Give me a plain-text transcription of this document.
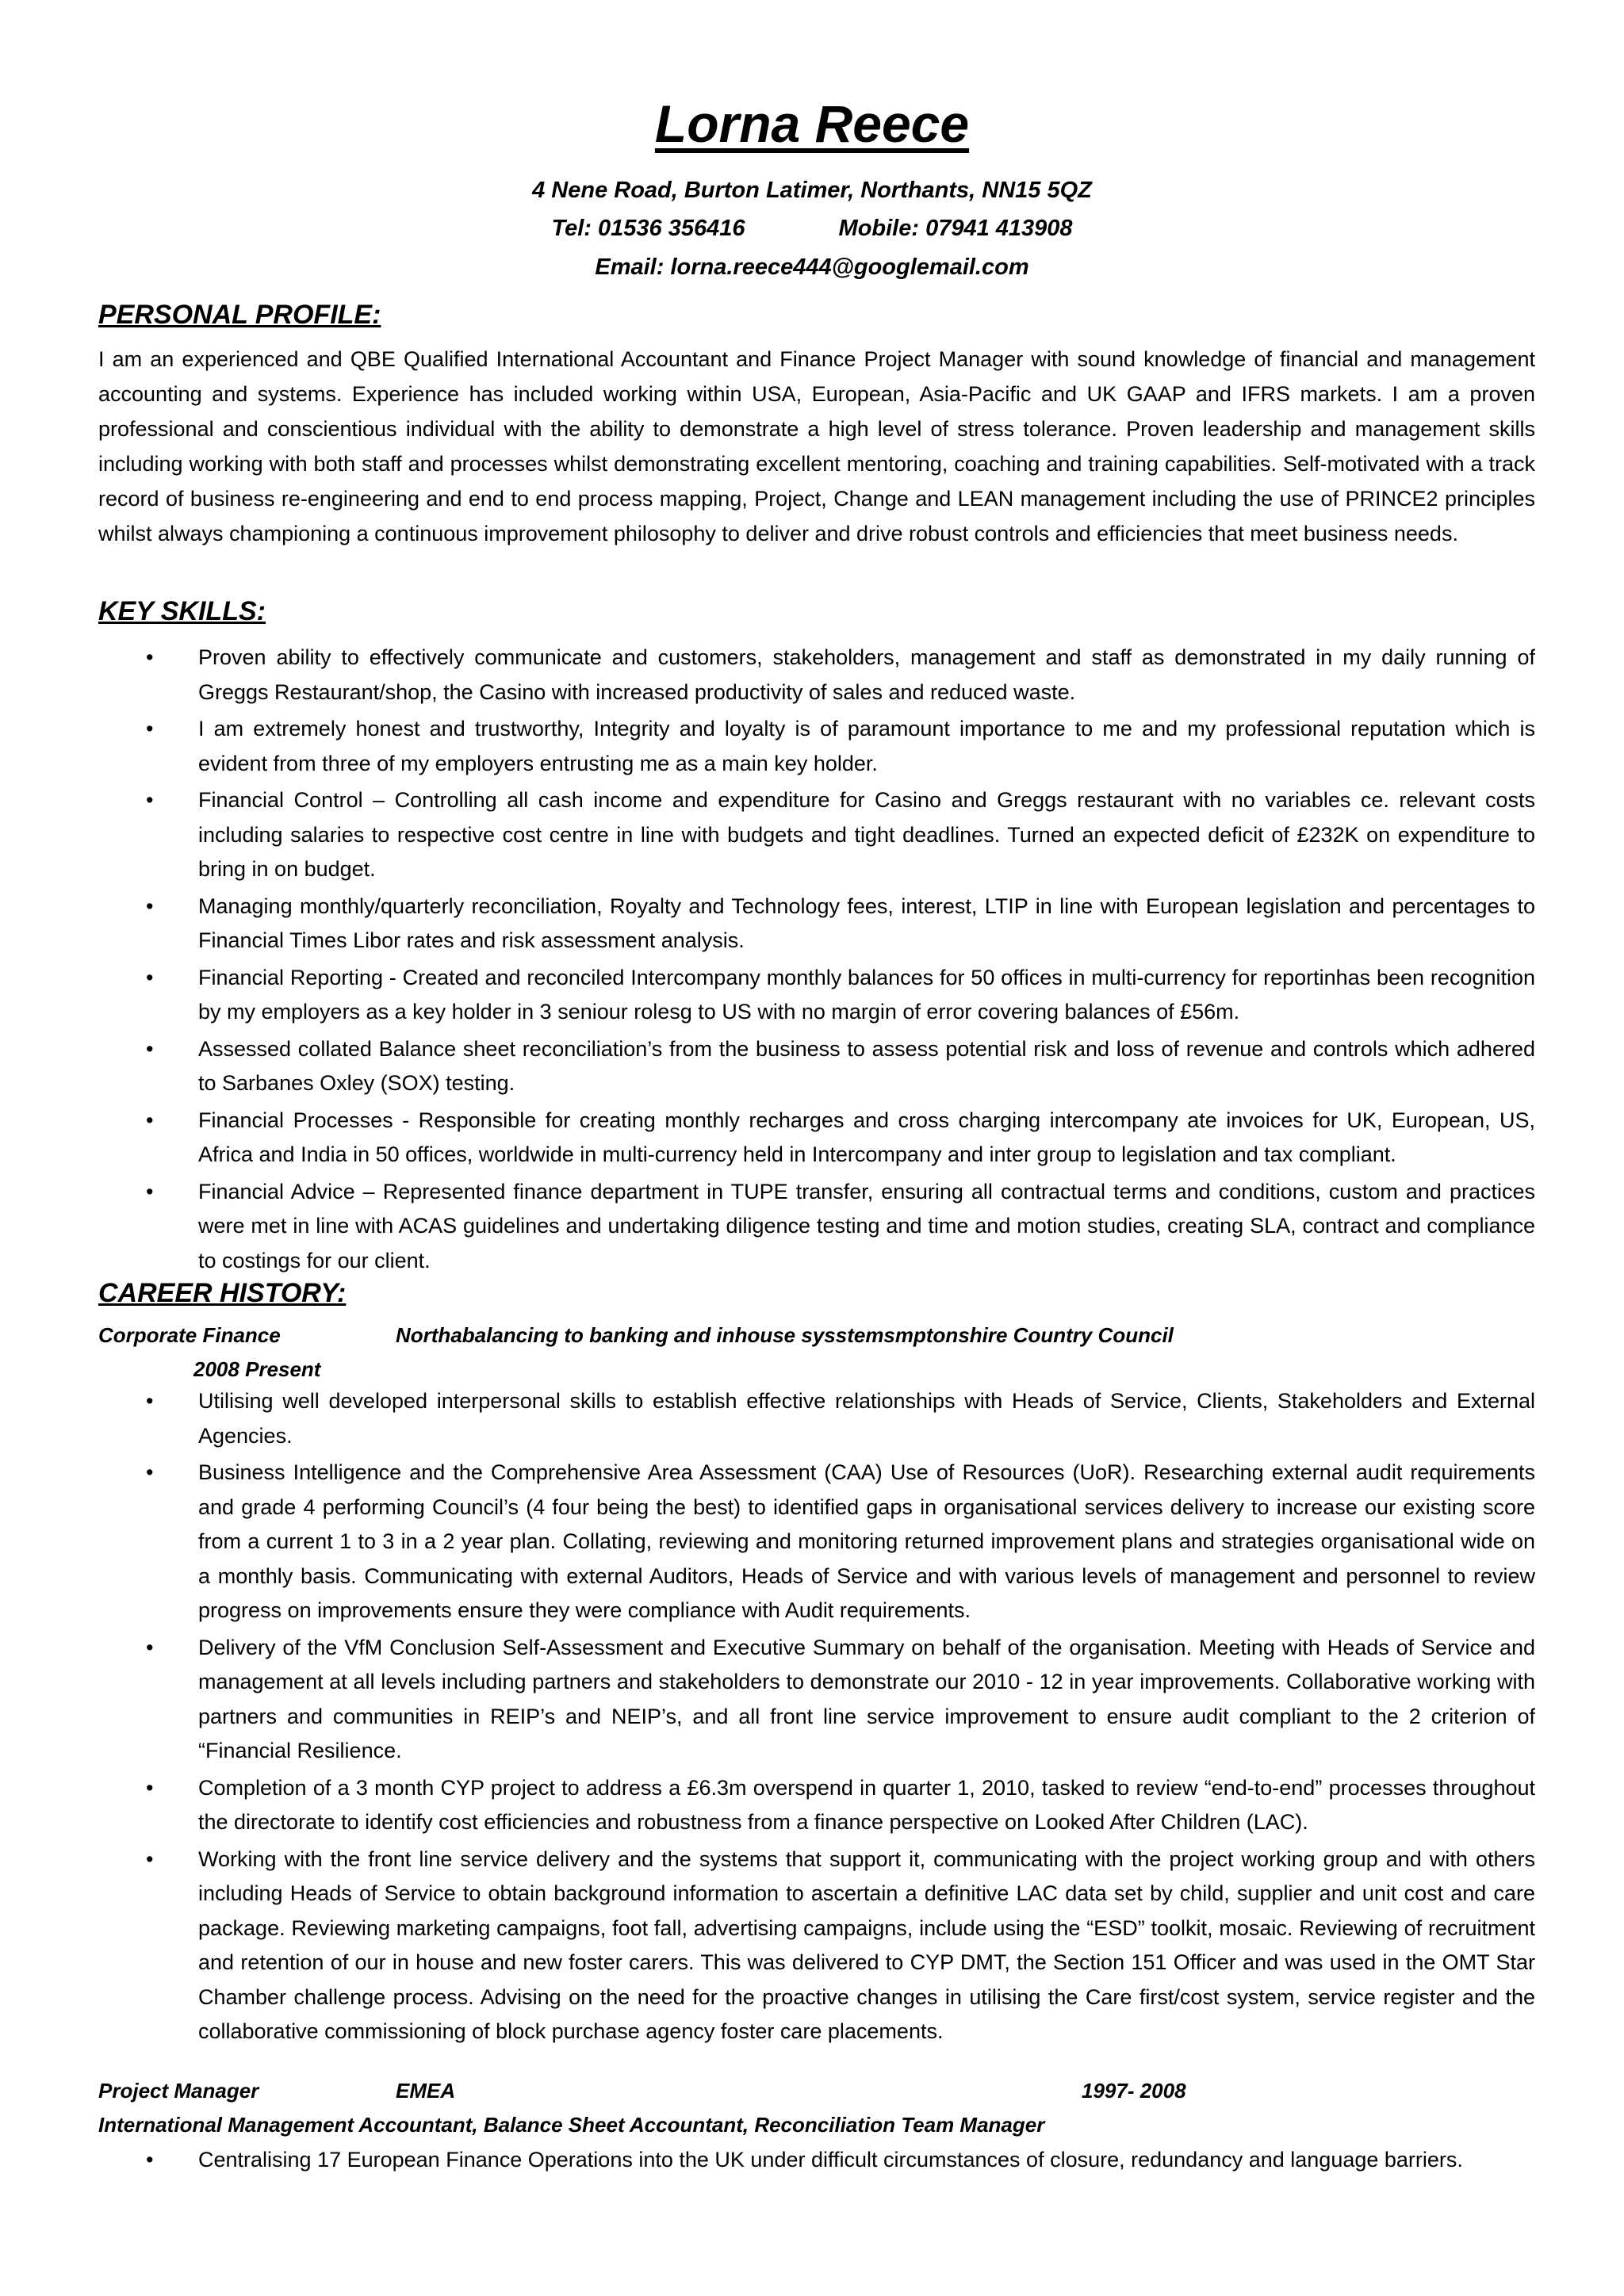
Lorna Reece
4 Nene Road, Burton Latimer, Northants, NN15 5QZ
Tel: 01536 356416	Mobile: 07941 413908
Email: lorna.reece444@googlemail.com
PERSONAL PROFILE:
I am an experienced and QBE Qualified International Accountant and Finance Project Manager with sound knowledge of financial and management accounting and systems. Experience has included working within USA, European, Asia-Pacific and UK GAAP and IFRS markets. I am a proven professional and conscientious individual with the ability to demonstrate a high level of stress tolerance. Proven leadership and management skills including working with both staff and processes whilst demonstrating excellent mentoring, coaching and training capabilities. Self-motivated with a track record of business re-engineering and end to end process mapping, Project, Change and LEAN management including the use of PRINCE2 principles whilst always championing a continuous improvement philosophy to deliver and drive robust controls and efficiencies that meet business needs.
KEY SKILLS:
• Proven ability to effectively communicate and customers, stakeholders, management and staff as demonstrated in my daily running of Greggs Restaurant/shop, the Casino with increased productivity of sales and reduced waste.
• I am extremely honest and trustworthy, Integrity and loyalty is of paramount importance to me and my professional reputation which is evident from three of my employers entrusting me as a main key holder.
• Financial Control – Controlling all cash income and expenditure for Casino and Greggs restaurant with no variables ce. relevant costs including salaries to respective cost centre in line with budgets and tight deadlines. Turned an expected deficit of £232K on expenditure to bring in on budget.
• Managing monthly/quarterly reconciliation, Royalty and Technology fees, interest, LTIP in line with European legislation and percentages to Financial Times Libor rates and risk assessment analysis.
• Financial Reporting - Created and reconciled Intercompany monthly balances for 50 offices in multi-currency for reportinhas been recognition by my employers as a key holder in 3 seniour rolesg to US with no margin of error covering balances of £56m.
• Assessed collated Balance sheet reconciliation’s from the business to assess potential risk and loss of revenue and controls which adhered to Sarbanes Oxley (SOX) testing.
• Financial Processes - Responsible for creating monthly recharges and cross charging intercompany ate invoices for UK, European, US, Africa and India in 50 offices, worldwide in multi-currency held in Intercompany and inter group to legislation and tax compliant.
• Financial Advice – Represented finance department in TUPE transfer, ensuring all contractual terms and conditions, custom and practices were met in line with ACAS guidelines and undertaking diligence testing and time and motion studies, creating SLA, contract and compliance to costings for our client.
CAREER HISTORY:
Corporate Finance	Northabalancing to banking and inhouse sysstemsmptonshire Country Council
2008 Present
• Utilising well developed interpersonal skills to establish effective relationships with Heads of Service, Clients, Stakeholders and External Agencies.
• Business Intelligence and the Comprehensive Area Assessment (CAA) Use of Resources (UoR). Researching external audit requirements and grade 4 performing Council’s (4 four being the best) to identified gaps in organisational services delivery to increase our existing score from a current 1 to 3 in a 2 year plan. Collating, reviewing and monitoring returned improvement plans and strategies organisational wide on a monthly basis. Communicating with external Auditors, Heads of Service and with various levels of management and personnel to review progress on improvements ensure they were compliance with Audit requirements.
• Delivery of the VfM Conclusion Self-Assessment and Executive Summary on behalf of the organisation. Meeting with Heads of Service and management at all levels including partners and stakeholders to demonstrate our 2010 - 12 in year improvements. Collaborative working with partners and communities in REIP’s and NEIP’s, and all front line service improvement to ensure audit compliant to the 2 criterion of “Financial Resilience.
• Completion of a 3 month CYP project to address a £6.3m overspend in quarter 1, 2010, tasked to review “end-to-end” processes throughout the directorate to identify cost efficiencies and robustness from a finance perspective on Looked After Children (LAC).
• Working with the front line service delivery and the systems that support it, communicating with the project working group and with others including Heads of Service to obtain background information to ascertain a definitive LAC data set by child, supplier and unit cost and care package. Reviewing marketing campaigns, foot fall, advertising campaigns, include using the “ESD” toolkit, mosaic. Reviewing of recruitment and retention of our in house and new foster carers. This was delivered to CYP DMT, the Section 151 Officer and was used in the OMT Star Chamber challenge process. Advising on the need for the proactive changes in utilising the Care first/cost system, service register and the collaborative commissioning of block purchase agency foster care placements.
Project Manager	EMEA	1997- 2008
International Management Accountant, Balance Sheet Accountant, Reconciliation Team Manager
• Centralising 17 European Finance Operations into the UK under difficult circumstances of closure, redundancy and language barriers.
